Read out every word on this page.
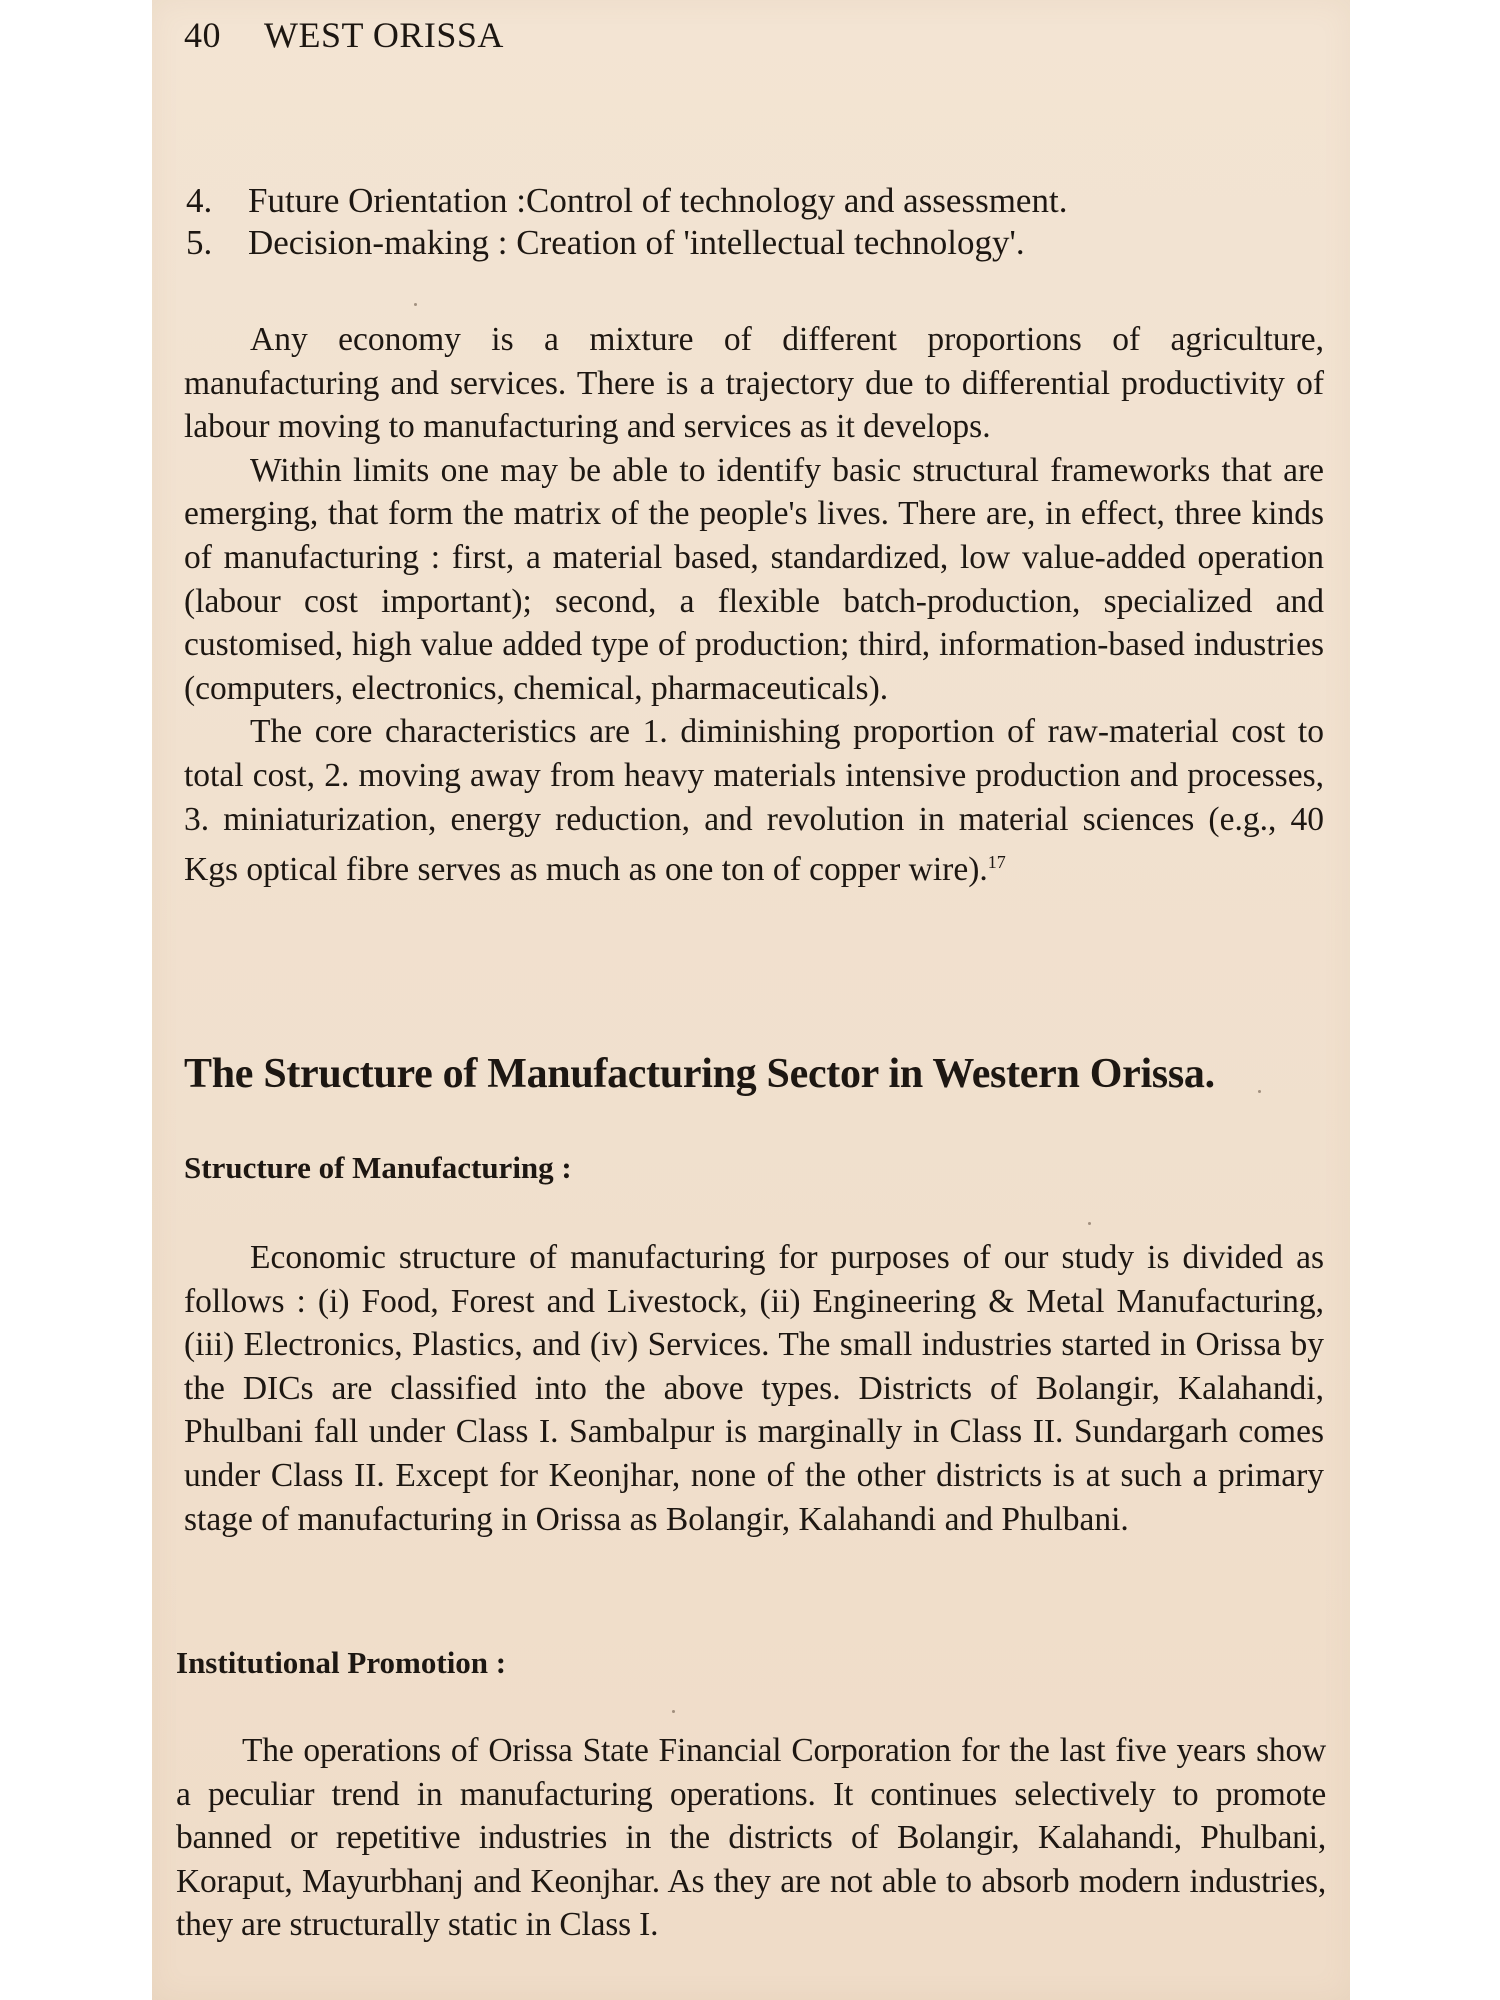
40 WEST ORISSA
4. Future Orientation :Control of technology and assessment.
5. Decision-making : Creation of 'intellectual technology'.

Any economy is a mixture of different proportions of agriculture, manufacturing and services. There is a trajectory due to differential productivity of labour moving to manufacturing and services as it develops.

Within limits one may be able to identify basic structural frameworks that are emerging, that form the matrix of the people's lives. There are, in effect, three kinds of manufacturing : first, a material based, standardized, low value-added operation (labour cost important); second, a flexible batch-production, specialized and customised, high value added type of production; third, information-based industries (computers, electronics, chemical, pharmaceuticals).

The core characteristics are 1. diminishing proportion of raw-material cost to total cost, 2. moving away from heavy materials intensive production and processes, 3. miniaturization, energy reduction, and revolution in material sciences (e.g., 40 Kgs optical fibre serves as much as one ton of copper wire).$^{17}$

The Structure of Manufacturing Sector in Western Orissa.
Structure of Manufacturing :

Economic structure of manufacturing for purposes of our study is divided as follows : (i) Food, Forest and Livestock, (ii) Engineering & Metal Manufacturing, (iii) Electronics, Plastics, and (iv) Services. The small industries started in Orissa by the DICs are classified into the above types. Districts of Bolangir, Kalahandi, Phulbani fall under Class I. Sambalpur is marginally in Class II. Sundargarh comes under Class II. Except for Keonjhar, none of the other districts is at such a primary stage of manufacturing in Orissa as Bolangir, Kalahandi and Phulbani.

Institutional Promotion :

The operations of Orissa State Financial Corporation for the last five years show a peculiar trend in manufacturing operations. It continues selectively to promote banned or repetitive industries in the districts of Bolangir, Kalahandi, Phulbani, Koraput, Mayurbhanj and Keonjhar. As they are not able to absorb modern industries, they are structurally static in Class I.
